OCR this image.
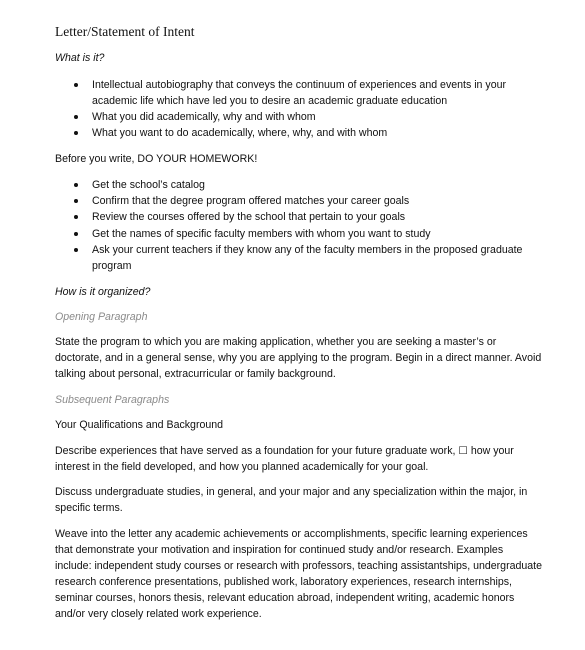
Letter/Statement of Intent
What is it?
Intellectual autobiography that conveys the continuum of experiences and events in your
academic life which have led you to desire an academic graduate education
What you did academically, why and with whom
What you want to do academically, where, why, and with whom
Before you write, DO YOUR HOMEWORK!
Get the school’s catalog
Confirm that the degree program offered matches your career goals
Review the courses offered by the school that pertain to your goals
Get the names of specific faculty members with whom you want to study
Ask your current teachers if they know any of the faculty members in the proposed graduate
program
How is it organized?
Opening Paragraph
State the program to which you are making application, whether you are seeking a master’s or
doctorate, and in a general sense, why you are applying to the program. Begin in a direct manner. Avoid
talking about personal, extracurricular or family background.
Subsequent Paragraphs
Your Qualifications and Background
Describe experiences that have served as a foundation for your future graduate work, ☐ how your
interest in the field developed, and how you planned academically for your goal.
Discuss undergraduate studies, in general, and your major and any specialization within the major, in
specific terms.
Weave into the letter any academic achievements or accomplishments, specific learning experiences
that demonstrate your motivation and inspiration for continued study and/or research. Examples
include: independent study courses or research with professors, teaching assistantships, undergraduate
research conference presentations, published work, laboratory experiences, research internships,
seminar courses, honors thesis, relevant education abroad, independent writing, academic honors
and/or very closely related work experience.
